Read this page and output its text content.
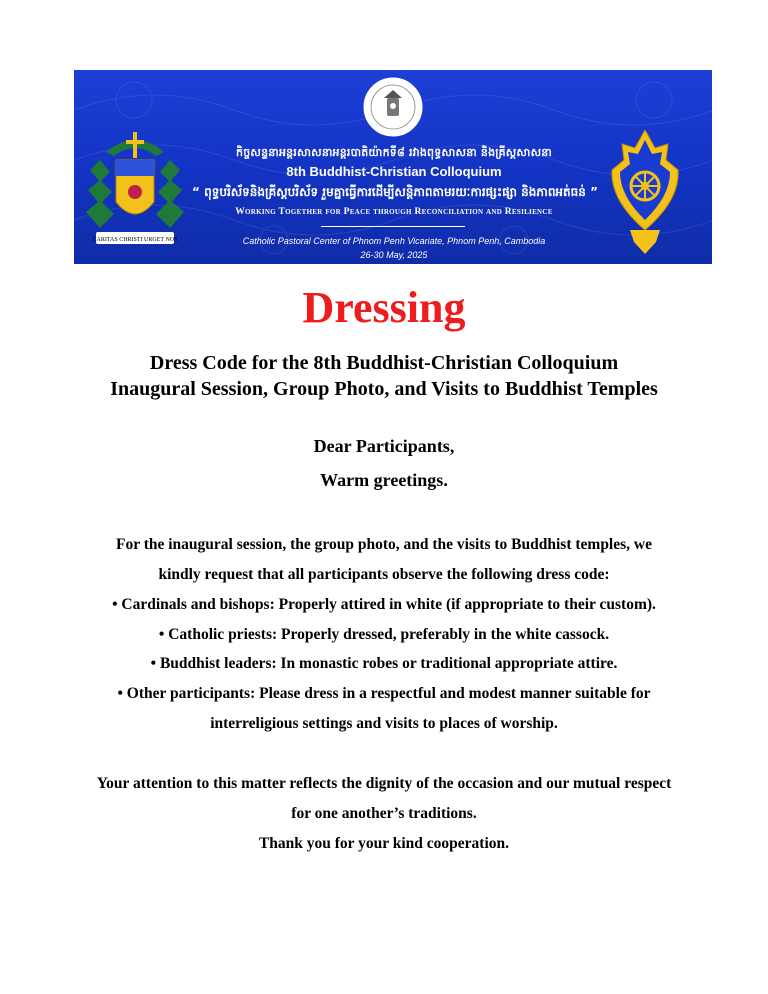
CARITAS CHRISTI URGET NOS
កិច្ចសន្ទនាអន្តរសាសនាអន្តរបាតិយ៉ាកទី៨ រវាងពុទ្ធសាសនា និងគ្រីស្តសាសនា
8th Buddhist-Christian Colloquium
“ ពុទ្ធបរិស័ទនិងគ្រីស្តបរិស័ទ រួមគ្នាធ្វើការដើម្បីសន្តិភាពតាមរយៈការផ្សះផ្សា និងភាពអត់ធន់ ”
Working Together for Peace through Reconciliation and Resilience
Catholic Pastoral Center of Phnom Penh Vicariate, Phnom Penh, Cambodia
26-30 May, 2025
Dressing
Dress Code for the 8th Buddhist-Christian Colloquium
Inaugural Session, Group Photo, and Visits to Buddhist Temples
Dear Participants,
Warm greetings.
For the inaugural session, the group photo, and the visits to Buddhist temples, we
kindly request that all participants observe the following dress code:
• Cardinals and bishops: Properly attired in white (if appropriate to their custom).
• Catholic priests: Properly dressed, preferably in the white cassock.
• Buddhist leaders: In monastic robes or traditional appropriate attire.
• Other participants: Please dress in a respectful and modest manner suitable for
interreligious settings and visits to places of worship.
Your attention to this matter reflects the dignity of the occasion and our mutual respect
for one another’s traditions.
Thank you for your kind cooperation.
